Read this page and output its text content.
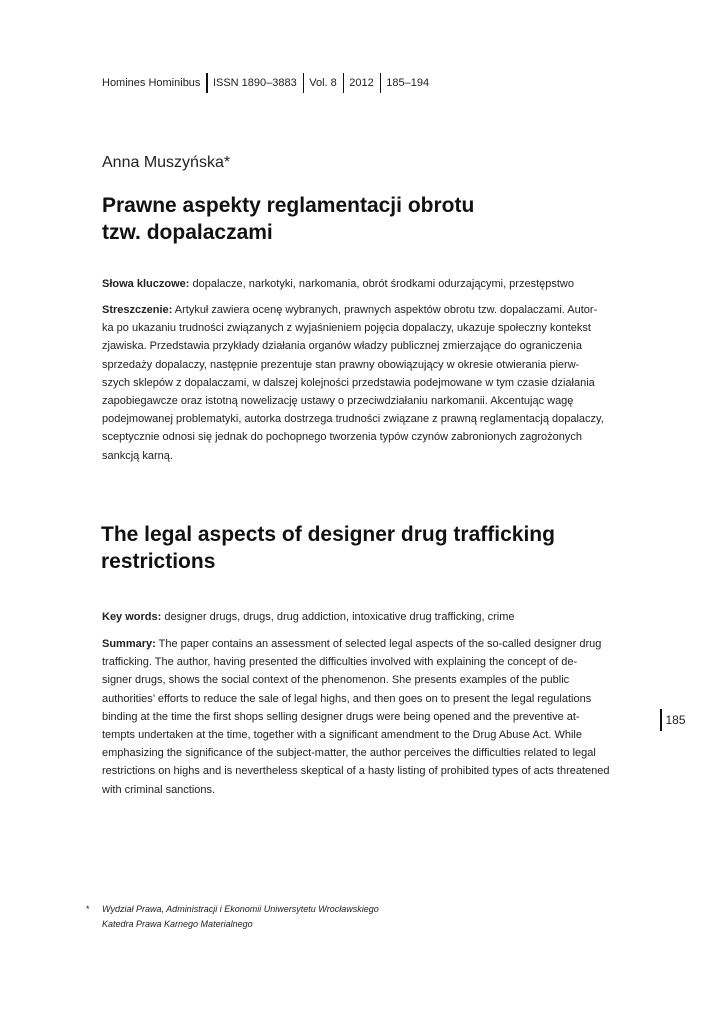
Homines Hominibus ISSN 1890–3883 Vol. 8 2012 185–194
Anna Muszyńska*
Prawne aspekty reglamentacji obrotu
tzw. dopalaczami

Słowa kluczowe: dopalacze, narkotyki, narkomania, obrót środkami odurzającymi, przestępstwo

Streszczenie: Artykuł zawiera ocenę wybranych, prawnych aspektów obrotu tzw. dopalaczami. Autor-
ka po ukazaniu trudności związanych z wyjaśnieniem pojęcia dopalaczy, ukazuje społeczny kontekst
zjawiska. Przedstawia przykłady działania organów władzy publicznej zmierzające do ograniczenia
sprzedaży dopalaczy, następnie prezentuje stan prawny obowiązujący w okresie otwierania pierw-
szych sklepów z dopalaczami, w dalszej kolejności przedstawia podejmowane w tym czasie działania
zapobiegawcze oraz istotną nowelizację ustawy o przeciwdziałaniu narkomanii. Akcentując wagę
podejmowanej problematyki, autorka dostrzega trudności związane z prawną reglamentacją dopalaczy,
sceptycznie odnosi się jednak do pochopnego tworzenia typów czynów zabronionych zagrożonych
sankcją karną.

The legal aspects of designer drug trafficking
restrictions

Key words: designer drugs, drugs, drug addiction, intoxicative drug trafficking, crime

Summary: The paper contains an assessment of selected legal aspects of the so-called designer drug
trafficking. The author, having presented the difficulties involved with explaining the concept of de-
signer drugs, shows the social context of the phenomenon. She presents examples of the public
authorities’ efforts to reduce the sale of legal highs, and then goes on to present the legal regulations
binding at the time the first shops selling designer drugs were being opened and the preventive at-
tempts undertaken at the time, together with a significant amendment to the Drug Abuse Act. While
emphasizing the significance of the subject-matter, the author perceives the difficulties related to legal
restrictions on highs and is nevertheless skeptical of a hasty listing of prohibited types of acts threatened
with criminal sanctions.

185
* Wydział Prawa, Administracji i Ekonomii Uniwersytetu Wrocławskiego
Katedra Prawa Karnego Materialnego
